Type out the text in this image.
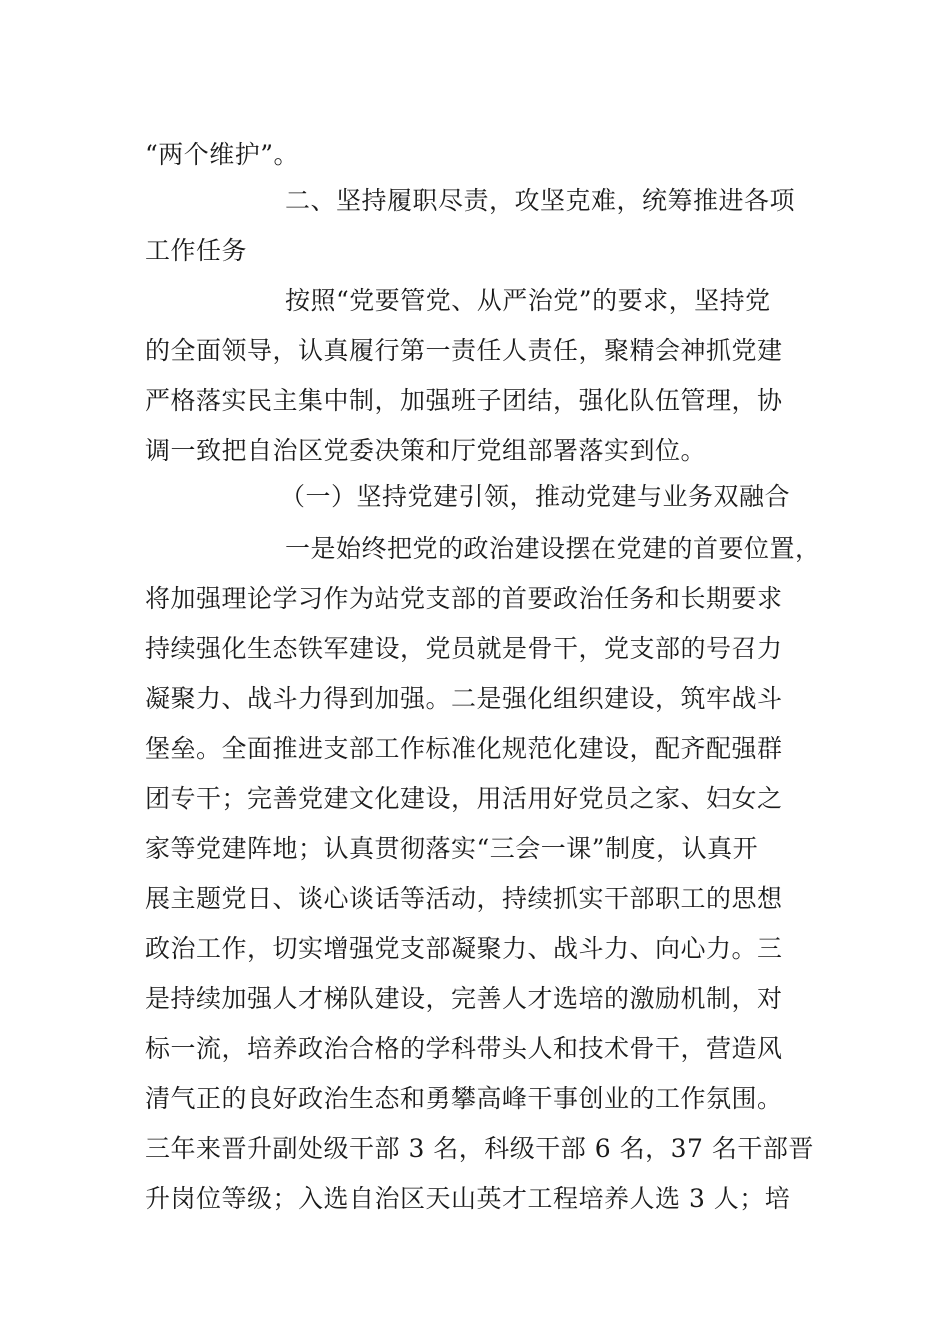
“两个维护”。
二、坚持履职尽责，攻坚克难，统筹推进各项
工作任务
按照“党要管党、从严治党”的要求，坚持党
的全面领导，认真履行第一责任人责任，聚精会神抓党建
严格落实民主集中制，加强班子团结，强化队伍管理，协
调一致把自治区党委决策和厅党组部署落实到位。
（一）坚持党建引领，推动党建与业务双融合
一是始终把党的政治建设摆在党建的首要位置，
将加强理论学习作为站党支部的首要政治任务和长期要求
持续强化生态铁军建设，党员就是骨干，党支部的号召力
凝聚力、战斗力得到加强。二是强化组织建设，筑牢战斗
堡垒。全面推进支部工作标准化规范化建设，配齐配强群
团专干；完善党建文化建设，用活用好党员之家、妇女之
家等党建阵地；认真贯彻落实“三会一课”制度，认真开
展主题党日、谈心谈话等活动，持续抓实干部职工的思想
政治工作，切实增强党支部凝聚力、战斗力、向心力。三
是持续加强人才梯队建设，完善人才选培的激励机制，对
标一流，培养政治合格的学科带头人和技术骨干，营造风
清气正的良好政治生态和勇攀高峰干事创业的工作氛围。
三年来晋升副处级干部 3 名，科级干部 6 名，37 名干部晋
升岗位等级；入选自治区天山英才工程培养人选 3 人；培
